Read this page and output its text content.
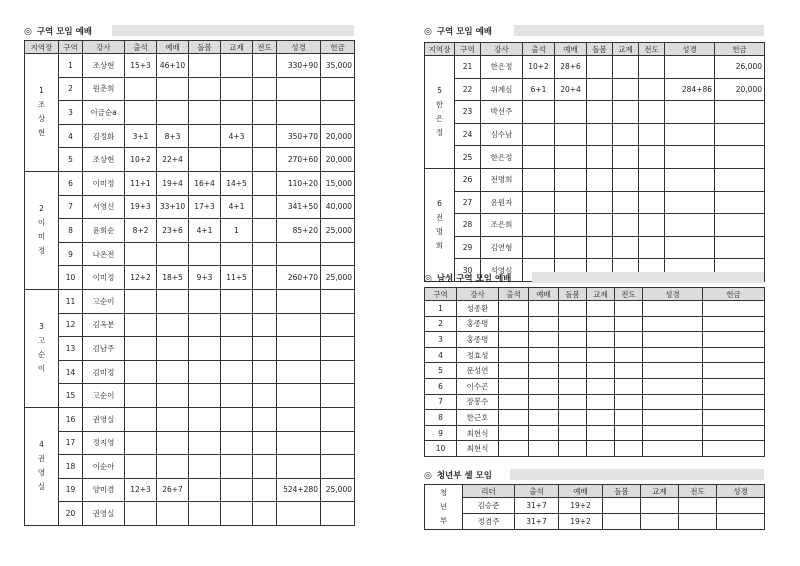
◎ 구역 모임 예배
지역장	구역	강사	출석	예배	돌봄	교제	전도	성경	헌금

1
조
상
현	1	조상현	15+3	46+10				330+90	35,000
	2	원춘희							
	3	이금순a							
	4	김정화	3+1	8+3		4+3		350+70	20,000
	5	조상현	10+2	22+4				270+60	20,000

2
이
미
정	6	이미정	11+1	19+4	16+4	14+5		110+20	15,000
	7	서영신	19+3	33+10	17+3	4+1		341+50	40,000
	8	윤희순	8+2	23+6	4+1	1		85+20	25,000
	9	나온전							
	10	이미정	12+2	18+5	9+3	11+5		260+70	25,000

3
고
순
이	11	고순이							
	12	김옥분							
	13	김남주							
	14	김미정							
	15	고순이							

4
권
영
실	16	권영실							
	17	정지영							
	18	이순아							
	19	양미겸	12+3	26+7				524+280	25,000
	20	권영실							
◎ 구역 모임 예배
지역장	구역	강사	출석	예배	돌봄	교제	전도	성경	헌금

5
한
은
정	21	한은정	10+2	28+6					26,000
	22	위계심	6+1	20+4				284+86	20,000
	23	박선주							
	24	심수남							
	25	한은정							

6
전
명
희	26	전명희							
	27	윤원자							
	28	조은희							
	29	김연형							
	30	석영심							
◎ 남성 구역 모임 예배
구역	강사	출석	예배	돌봄	교제	전도	성경	헌금
1	성종환							
2	홍종명							
3	홍종명							
4	정효성							
5	문성연							
6	이수곤							
7	장봉수							
8	한근호							
9	최현식							
10	최현식							
◎ 청년부 셀 모임
청
년
부	리더	출석	예배	돌봄	교제	전도	성경
	김승준	31+7	19+2				
	정겸주	31+7	19+2				
